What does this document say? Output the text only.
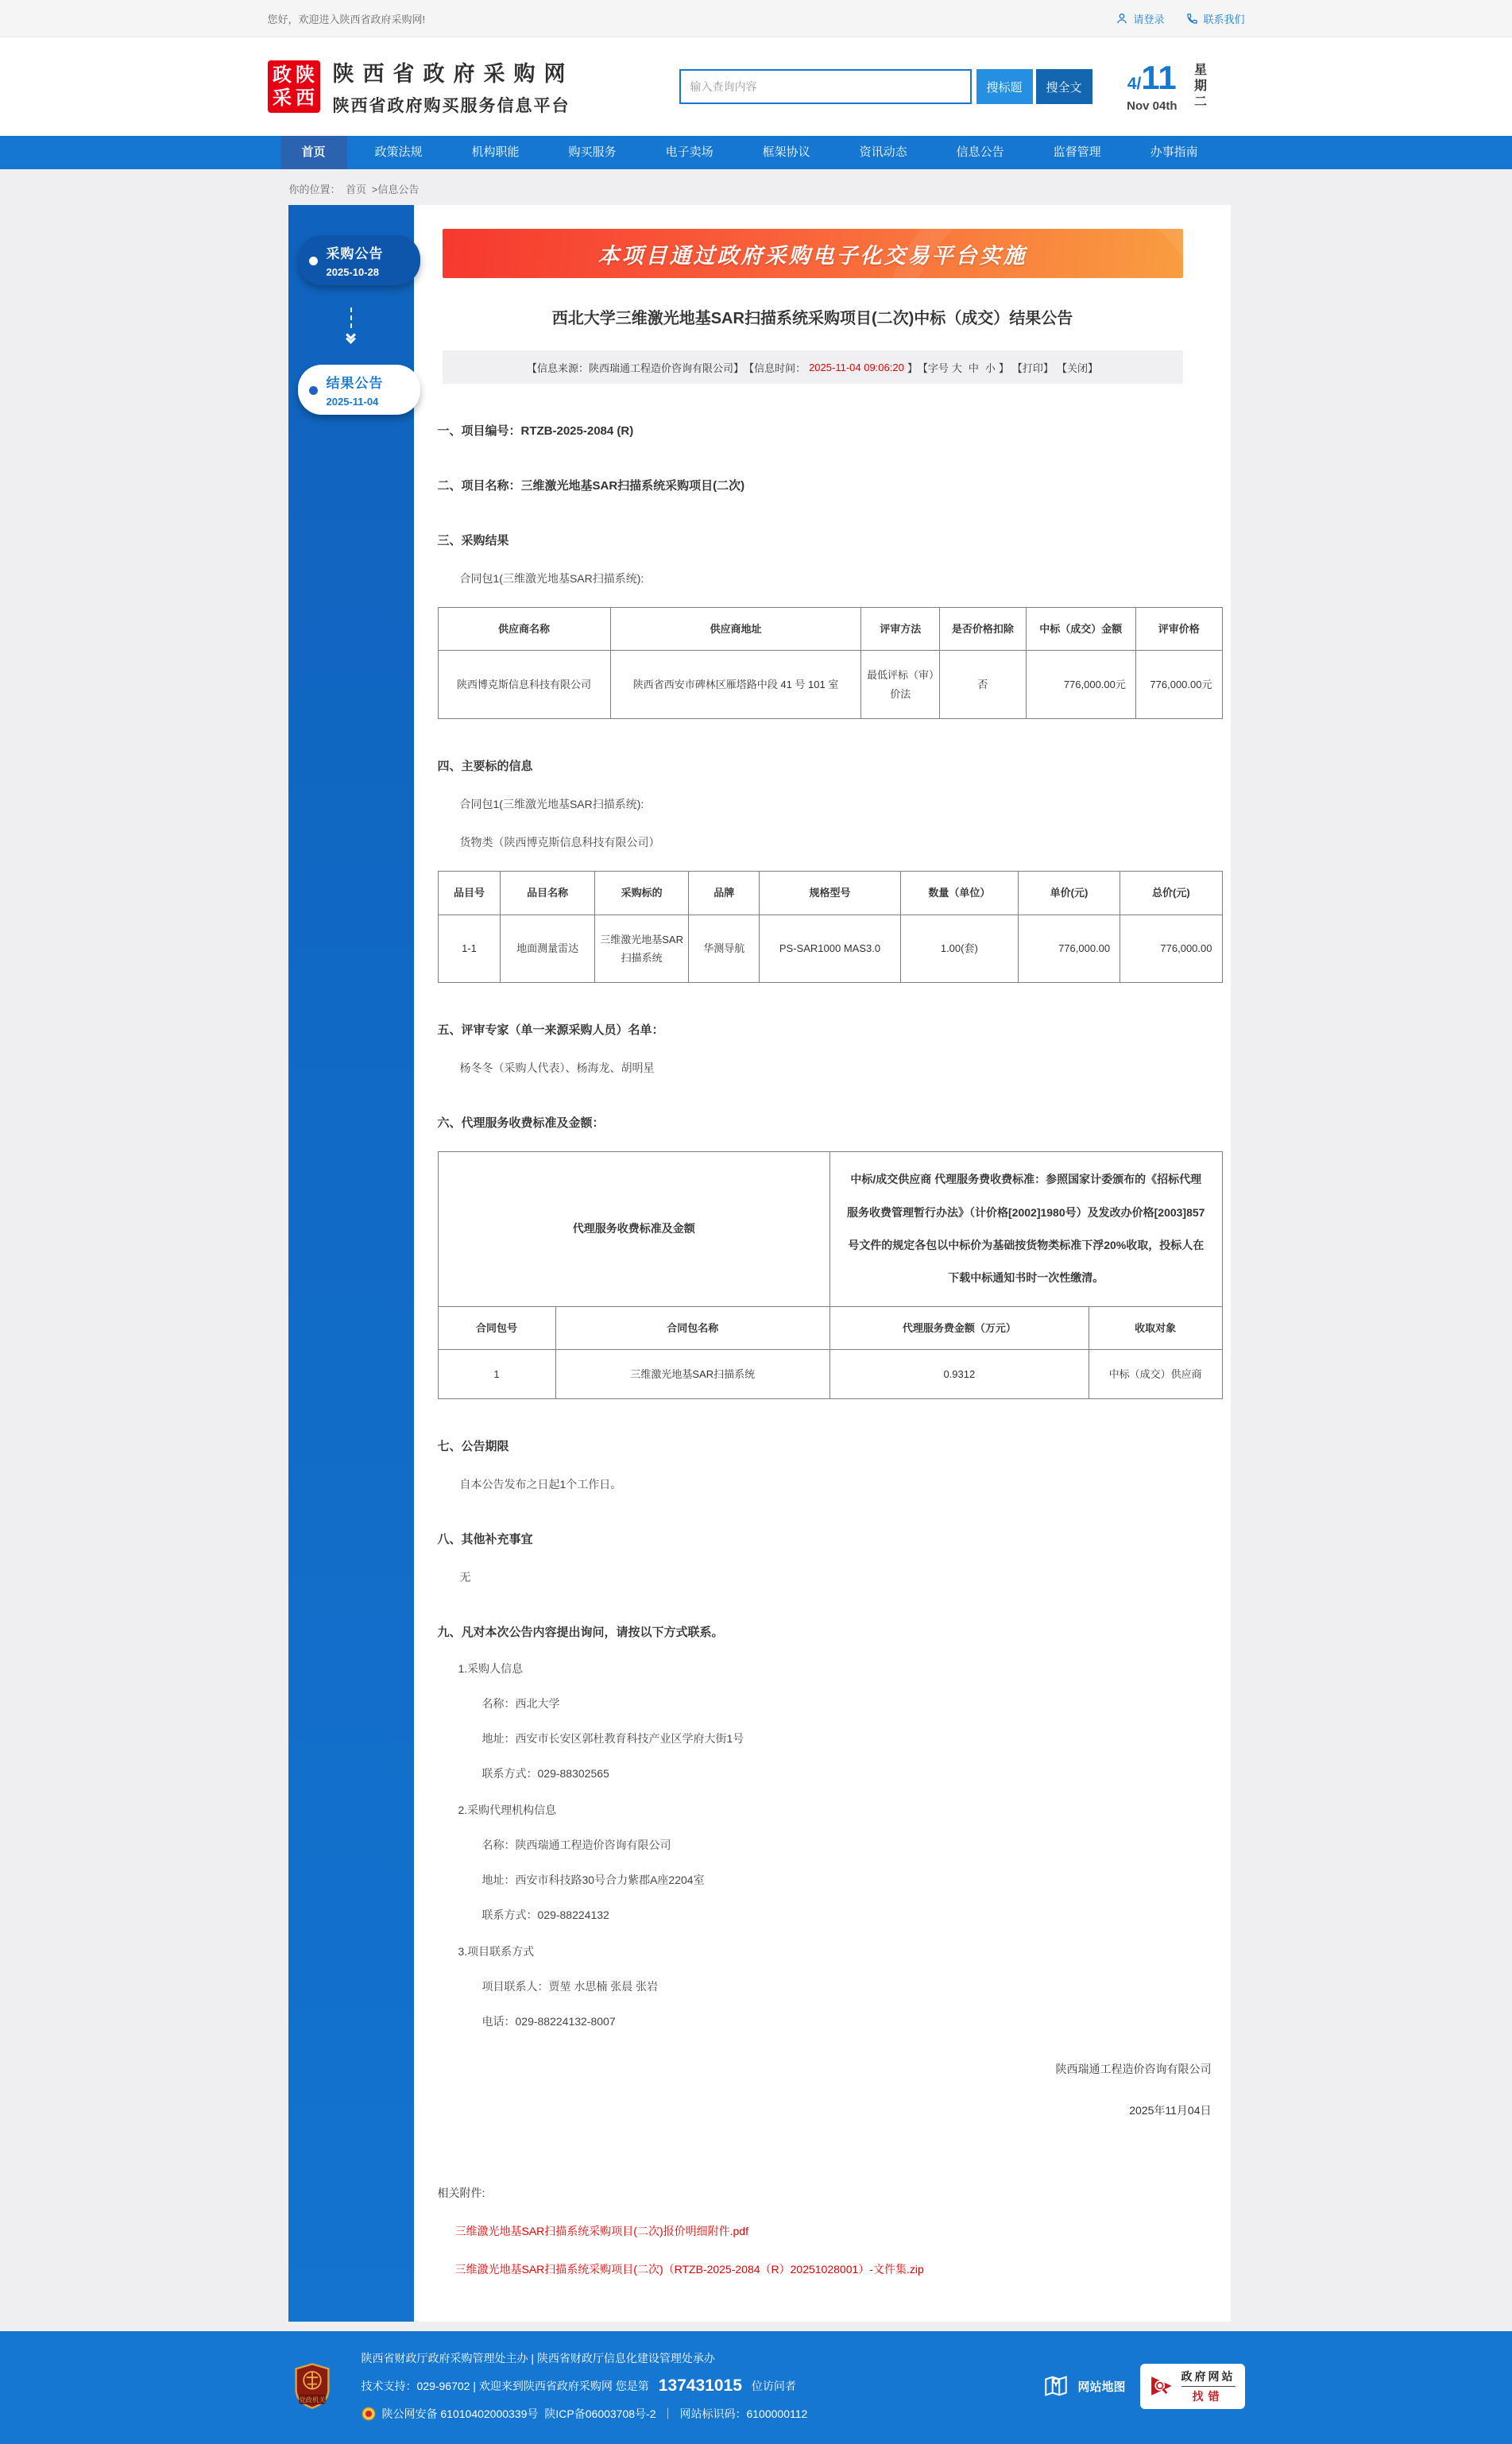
您好，欢迎进入陕西省政府采购网!	请登录	联系我们
政 陕
采 西
陕西省政府采购网
陕西省政府购买服务信息平台
输入查询内容
搜标题	搜全文	4/ 11
Nov 04th 星期二
首页	政策法规	机构职能	购买服务	电子卖场	框架协议	资讯动态	信息公告	监督管理	办事指南
你的位置： 首页 >信息公告
采购公告
2025-10-28
结果公告
2025-11-04
本项目通过政府采购电子化交易平台实施
西北大学三维激光地基SAR扫描系统采购项目(二次)中标（成交）结果公告
【信息来源：陕西瑞通工程造价咨询有限公司】 【信息时间： 2025-11-04 09:06:20 】 【字号 大 中 小 】 【打印】 【关闭】
一、项目编号：RTZB-2025-2084 (R)
二、项目名称：三维激光地基SAR扫描系统采购项目(二次)
三、采购结果
合同包1(三维激光地基SAR扫描系统):
供应商名称	供应商地址	评审方法	是否价格扣除	中标（成交）金额	评审价格
陕西博克斯信息科技有限公司	陕西省西安市碑林区雁塔路中段 41 号 101 室	最低评标（审）价法	否	776,000.00元	776,000.00元
四、主要标的信息
合同包1(三维激光地基SAR扫描系统):
货物类（陕西博克斯信息科技有限公司）
品目号	品目名称	采购标的	品牌	规格型号	数量（单位）	单价(元)	总价(元)
1-1	地面测量雷达	三维激光地基SAR扫描系统	华测导航	PS-SAR1000 MAS3.0	1.00(套)	776,000.00	776,000.00
五、评审专家（单一来源采购人员）名单：
杨冬冬（采购人代表）、杨海龙、胡明星
六、代理服务收费标准及金额：
代理服务收费标准及金额		中标/成交供应商 代理服务费收费标准：参照国家计委颁布的《招标代理服务收费管理暂行办法》（计价格[2002]1980号）及发改办价格[2003]857号文件的规定各包以中标价为基础按货物类标准下浮20%收取，投标人在下载中标通知书时一次性缴清。	
合同包号	合同包名称	代理服务费金额（万元）	收取对象
1	三维激光地基SAR扫描系统	0.9312	中标（成交）供应商
七、公告期限
自本公告发布之日起1个工作日。
八、其他补充事宜
无
九、凡对本次公告内容提出询问，请按以下方式联系。
1.采购人信息
名称：西北大学
地址：西安市长安区郭杜教育科技产业区学府大街1号
联系方式：029-88302565
2.采购代理机构信息
名称：陕西瑞通工程造价咨询有限公司
地址：西安市科技路30号合力紫郡A座2204室
联系方式：029-88224132
3.项目联系方式
项目联系人：贾堃 水思楠 张晨 张岩
电话：029-88224132-8007
陕西瑞通工程造价咨询有限公司
2025年11月04日
相关附件:
三维激光地基SAR扫描系统采购项目(二次)报价明细附件.pdf
三维激光地基SAR扫描系统采购项目(二次)（RTZB-2025-2084（R）20251028001）-文件集.zip
党政机关
陕西省财政厅政府采购管理处主办 | 陕西省财政厅信息化建设管理处承办
技术支持：029-96702 | 欢迎来到陕西省政府采购网 您是第 137431015 位访问者
陕公网安备 61010402000339号 陕ICP备06003708号-2 ｜ 网站标识码：6100000112
网站地图
政府网站
找错
